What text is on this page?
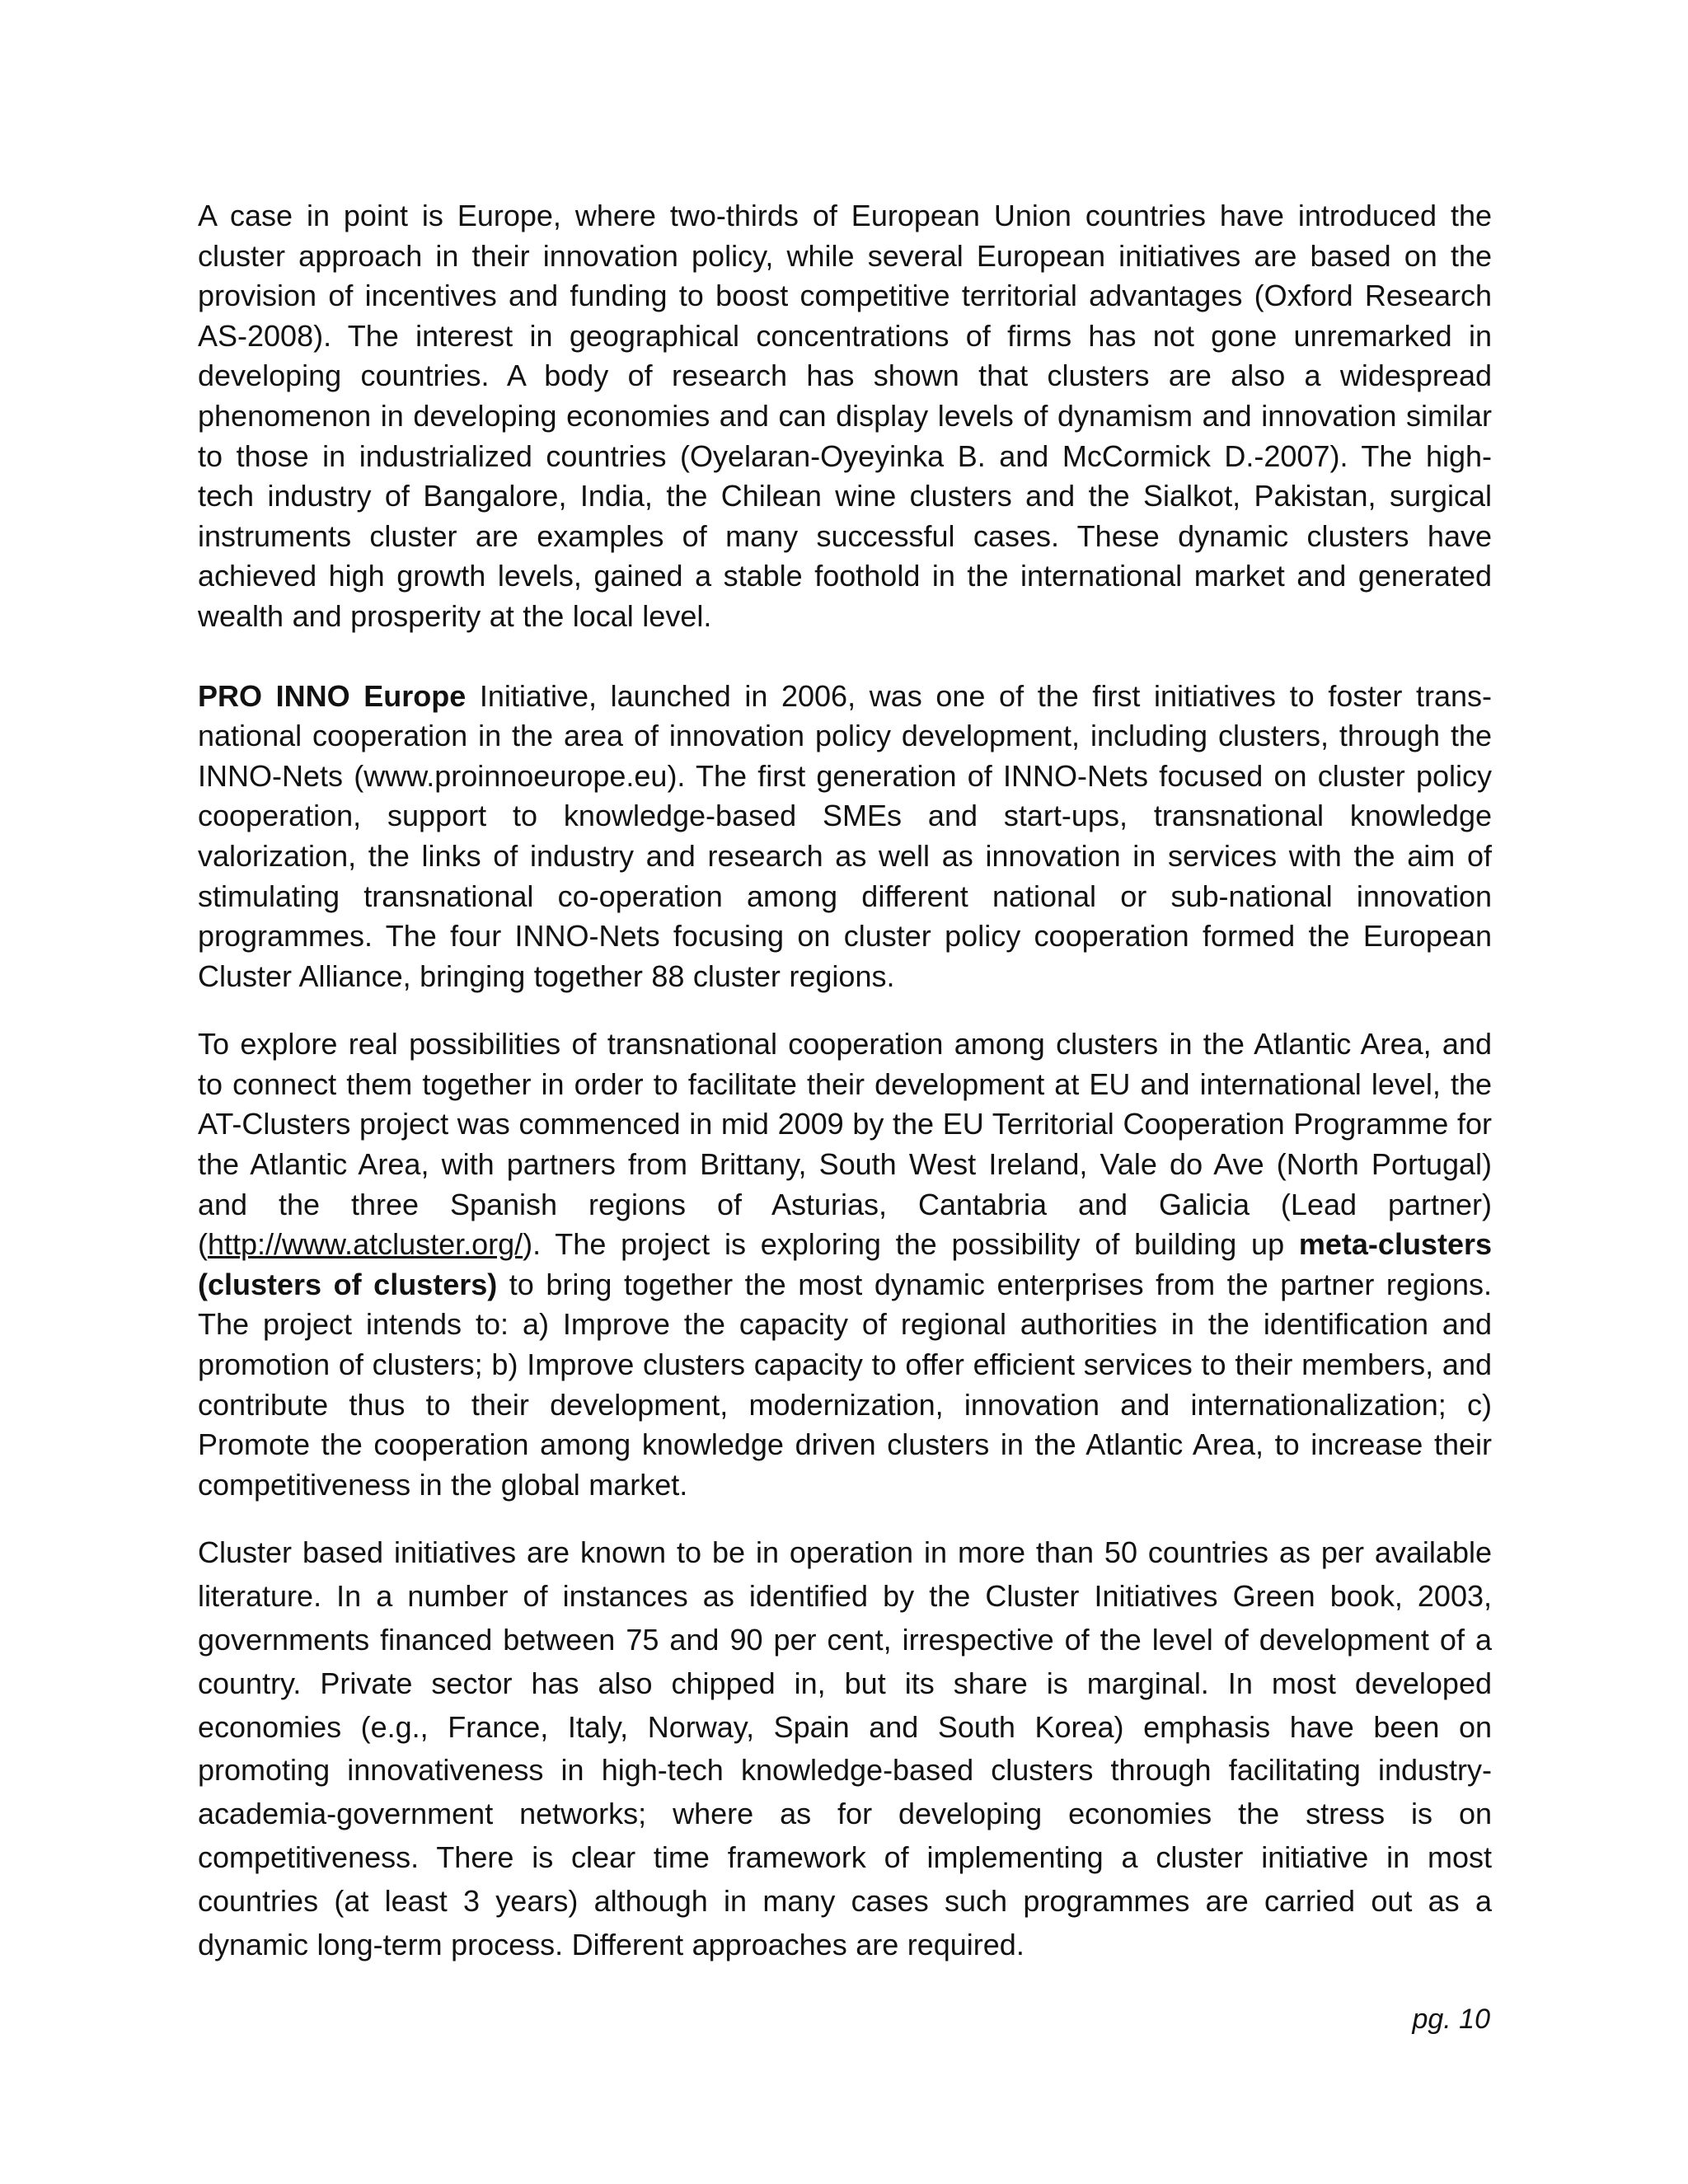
A case in point is Europe, where two-thirds of European Union countries have introduced the cluster approach in their innovation policy, while several European initiatives are based on the provision of incentives and funding to boost competitive territorial advantages (Oxford Research AS-2008). The interest in geographical concentrations of firms has not gone unremarked in developing countries. A body of research has shown that clusters are also a widespread phenomenon in developing economies and can display levels of dynamism and innovation similar to those in industrialized countries (Oyelaran-Oyeyinka B. and McCormick D.-2007). The high-tech industry of Bangalore, India, the Chilean wine clusters and the Sialkot, Pakistan, surgical instruments cluster are examples of many successful cases. These dynamic clusters have achieved high growth levels, gained a stable foothold in the international market and generated wealth and prosperity at the local level.

PRO INNO Europe Initiative, launched in 2006, was one of the first initiatives to foster trans-national cooperation in the area of innovation policy development, including clusters, through the INNO-Nets (www.proinnoeurope.eu). The first generation of INNO-Nets focused on cluster policy cooperation, support to knowledge-based SMEs and start-ups, transnational knowledge valorization, the links of industry and research as well as innovation in services with the aim of stimulating transnational co-operation among different national or sub-national innovation programmes. The four INNO-Nets focusing on cluster policy cooperation formed the European Cluster Alliance, bringing together 88 cluster regions.

To explore real possibilities of transnational cooperation among clusters in the Atlantic Area, and to connect them together in order to facilitate their development at EU and international level, the AT-Clusters project was commenced in mid 2009 by the EU Territorial Cooperation Programme for the Atlantic Area, with partners from Brittany, South West Ireland, Vale do Ave (North Portugal) and the three Spanish regions of Asturias, Cantabria and Galicia (Lead partner) (http://www.atcluster.org/). The project is exploring the possibility of building up meta-clusters (clusters of clusters) to bring together the most dynamic enterprises from the partner regions. The project intends to: a) Improve the capacity of regional authorities in the identification and promotion of clusters; b) Improve clusters capacity to offer efficient services to their members, and contribute thus to their development, modernization, innovation and internationalization; c) Promote the cooperation among knowledge driven clusters in the Atlantic Area, to increase their competitiveness in the global market.

Cluster based initiatives are known to be in operation in more than 50 countries as per available literature. In a number of instances as identified by the Cluster Initiatives Green book, 2003, governments financed between 75 and 90 per cent, irrespective of the level of development of a country. Private sector has also chipped in, but its share is marginal. In most developed economies (e.g., France, Italy, Norway, Spain and South Korea) emphasis have been on promoting innovativeness in high-tech knowledge-based clusters through facilitating industry-academia-government networks; where as for developing economies the stress is on competitiveness. There is clear time framework of implementing a cluster initiative in most countries (at least 3 years) although in many cases such programmes are carried out as a dynamic long-term process. Different approaches are required.

pg. 10
